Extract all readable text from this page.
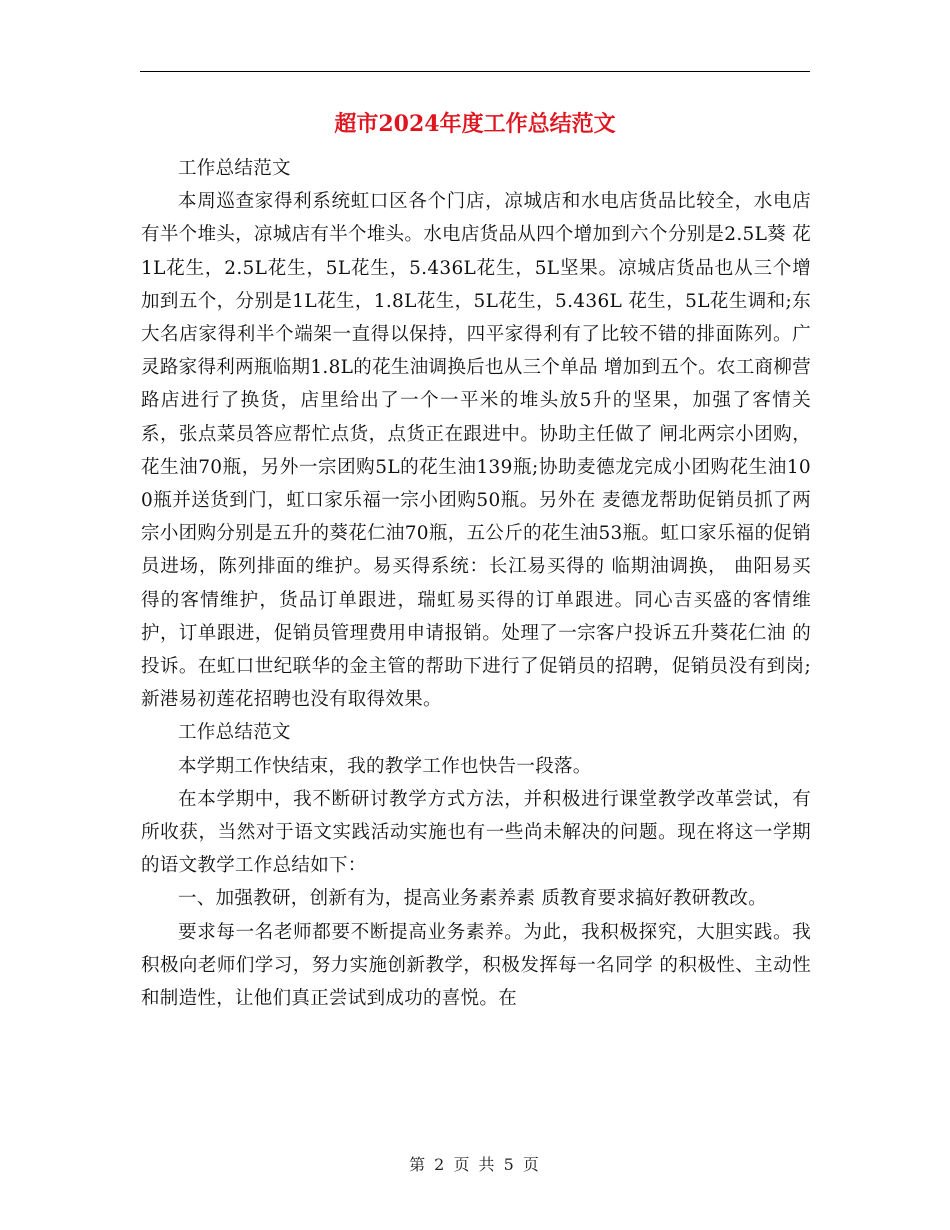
超市2024年度工作总结范文

工作总结范文

本周巡查家得利系统虹口区各个门店，凉城店和水电店货品比较全，水电店有半个堆头，凉城店有半个堆头。水电店货品从四个增加到六个分别是2.5L葵 花 1L花生，2.5L花生，5L花生，5.436L花生，5L坚果。凉城店货品也从三个增加到五个，分别是1L花生，1.8L花生，5L花生，5.436L 花生，5L花生调和;东大名店家得利半个端架一直得以保持，四平家得利有了比较不错的排面陈列。广灵路家得利两瓶临期1.8L的花生油调换后也从三个单品 增加到五个。农工商柳营路店进行了换货，店里给出了一个一平米的堆头放5升的坚果，加强了客情关系，张点菜员答应帮忙点货，点货正在跟进中。协助主任做了 闸北两宗小团购，花生油70瓶，另外一宗团购5L的花生油139瓶;协助麦德龙完成小团购花生油100瓶并送货到门，虹口家乐福一宗小团购50瓶。另外在 麦德龙帮助促销员抓了两宗小团购分别是五升的葵花仁油70瓶，五公斤的花生油53瓶。虹口家乐福的促销员进场，陈列排面的维护。易买得系统：长江易买得的 临期油调换， 曲阳易买得的客情维护，货品订单跟进，瑞虹易买得的订单跟进。同心吉买盛的客情维护，订单跟进，促销员管理费用申请报销。处理了一宗客户投诉五升葵花仁油 的投诉。在虹口世纪联华的金主管的帮助下进行了促销员的招聘，促销员没有到岗;新港易初莲花招聘也没有取得效果。

工作总结范文

本学期工作快结束，我的教学工作也快告一段落。

在本学期中，我不断研讨教学方式方法，并积极进行课堂教学改革尝试，有所收获，当然对于语文实践活动实施也有一些尚未解决的问题。现在将这一学期的语文教学工作总结如下：

一、加强教研，创新有为，提高业务素养素 质教育要求搞好教研教改。

要求每一名老师都要不断提高业务素养。为此，我积极探究，大胆实践。我积极向老师们学习，努力实施创新教学，积极发挥每一名同学 的积极性、主动性和制造性，让他们真正尝试到成功的喜悦。在

第 2 页 共 5 页
